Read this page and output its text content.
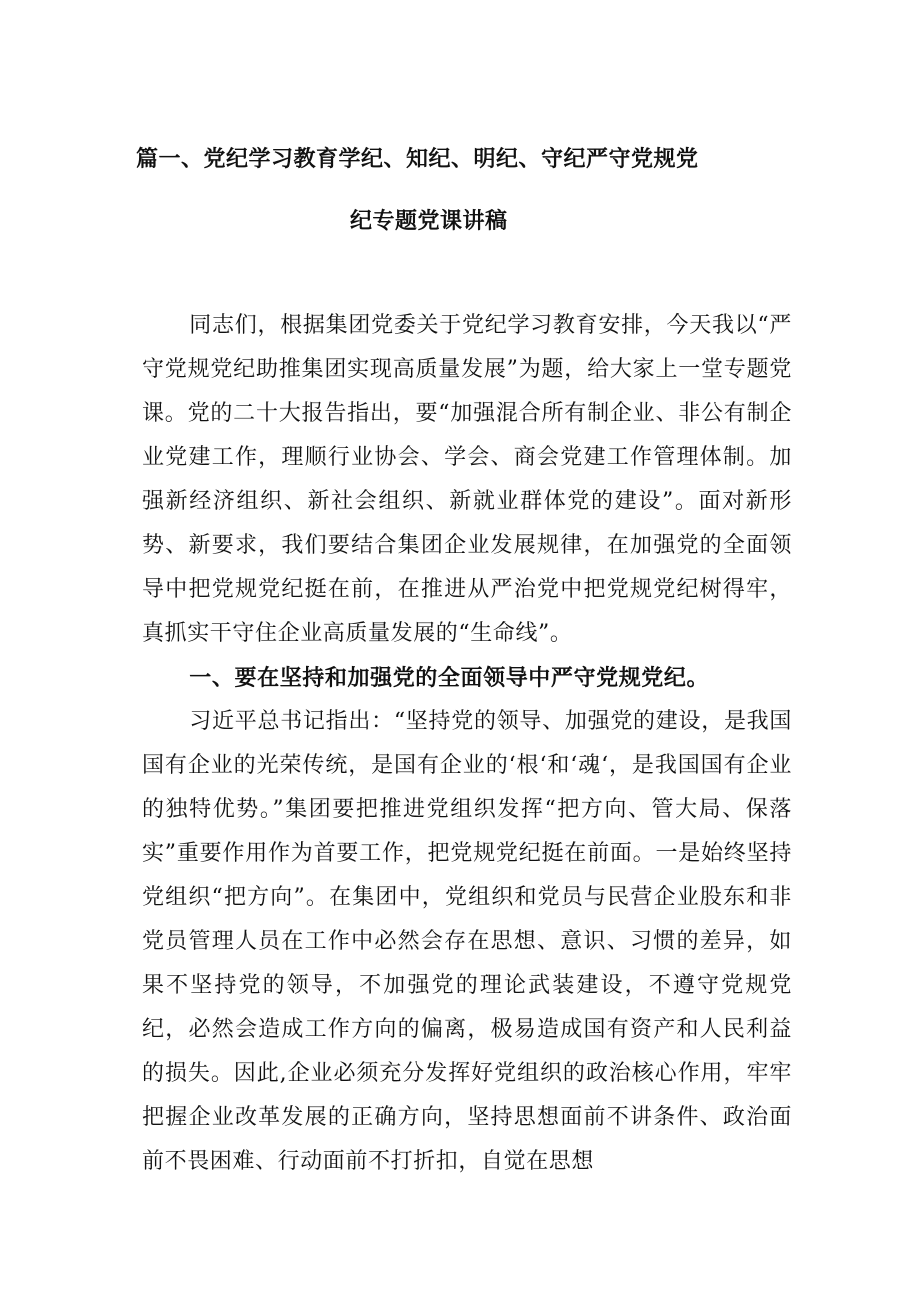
篇一、党纪学习教育学纪、知纪、明纪、守纪严守党规党
纪专题党课讲稿

同志们，根据集团党委关于党纪学习教育安排，今天我以“严守党规党纪助推集团实现高质量发展”为题，给大家上一堂专题党课。党的二十大报告指出，要“加强混合所有制企业、非公有制企业党建工作，理顺行业协会、学会、商会党建工作管理体制。加强新经济组织、新社会组织、新就业群体党的建设”。面对新形势、新要求，我们要结合集团企业发展规律，在加强党的全面领导中把党规党纪挺在前，在推进从严治党中把党规党纪树得牢，真抓实干守住企业高质量发展的“生命线”。

一、要在坚持和加强党的全面领导中严守党规党纪。

习近平总书记指出：“坚持党的领导、加强党的建设，是我国国有企业的光荣传统，是国有企业的‘根‘和‘魂‘，是我国国有企业的独特优势。”集团要把推进党组织发挥“把方向、管大局、保落实”重要作用作为首要工作，把党规党纪挺在前面。一是始终坚持党组织“把方向”。在集团中，党组织和党员与民营企业股东和非党员管理人员在工作中必然会存在思想、意识、习惯的差异，如果不坚持党的领导，不加强党的理论武装建设，不遵守党规党纪，必然会造成工作方向的偏离，极易造成国有资产和人民利益的损失。因此,企业必须充分发挥好党组织的政治核心作用，牢牢把握企业改革发展的正确方向，坚持思想面前不讲条件、政治面前不畏困难、行动面前不打折扣，自觉在思想
